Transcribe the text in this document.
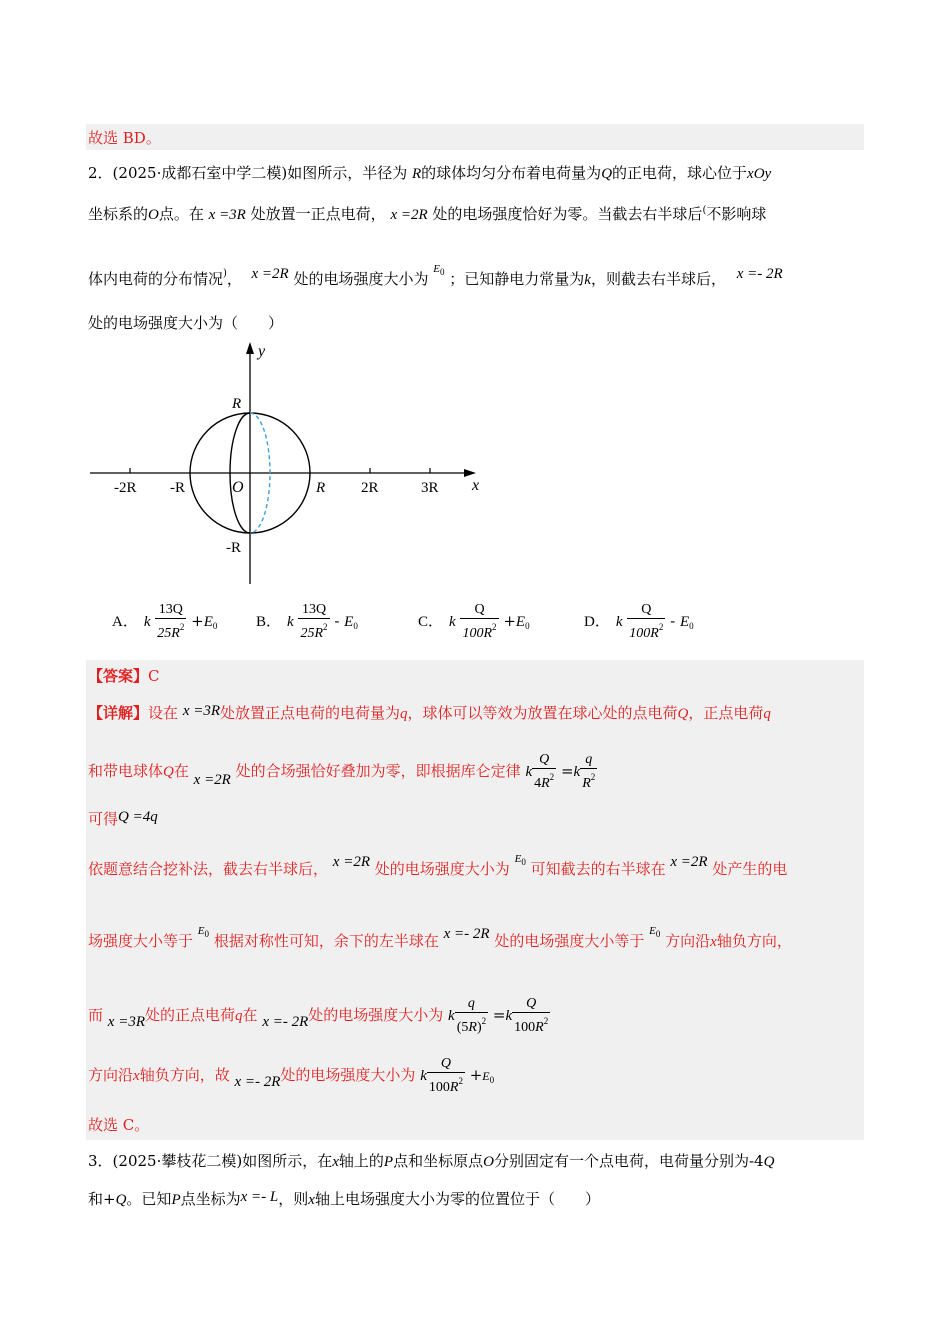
故选 BD。
2．(2025·成都石室中学二模)如图所示，半径为 R的球体均匀分布着电荷量为Q的正电荷，球心位于xOy
坐标系的O点。在 x =3R 处放置一正点电荷， x =2R 处的电场强度恰好为零。当截去右半球后(不影响球
体内电荷的分布情况)， x =2R 处的电场强度大小为 $^{E_0}$ ；已知静电力常量为k，则截去右半球后， x =- 2R
处的电场强度大小为（　　）
y
x
-2R -R	O	R 2R	3R
R
-R
A． k $\frac{13Q}{25R^2} +E_0$	B． k $\frac{13Q}{25R^2} - E_0$	C． k $\frac{Q}{100R^2} +E_0$	D． k $\frac{Q}{100R^2} - E_0$
【答案】C
【详解】设在 x =3R处放置正点电荷的电荷量为q，球体可以等效为放置在球心处的点电荷Q，正点电荷q
和带电球体Q在 x =2R 处的合场强恰好叠加为零，即根据库仑定律 k $\frac{Q}{4R^2} =k \frac{q}{R^2}$
可得Q =4q
依题意结合挖补法，截去右半球后， x =2R 处的电场强度大小为 $^{E_0}$ 可知截去的右半球在 x =2R 处产生的电
场强度大小等于 $^{E_0}$ 根据对称性可知，余下的左半球在 x =- 2R 处的电场强度大小等于 $^{E_0}$ 方向沿x轴负方向，
而 x =3R处的正点电荷q在 x =- 2R处的电场强度大小为 k $\frac{q}{(5R)^2} =k \frac{Q}{100R^2}$
方向沿x轴负方向，故 x =- 2R处的电场强度大小为 k $\frac{Q}{100R^2} +E_0$
故选 C。
3．(2025·攀枝花二模)如图所示，在x轴上的P点和坐标原点O分别固定有一个点电荷，电荷量分别为-4Q
和+Q。已知P点坐标为x =- L，则x轴上电场强度大小为零的位置位于（　　）
